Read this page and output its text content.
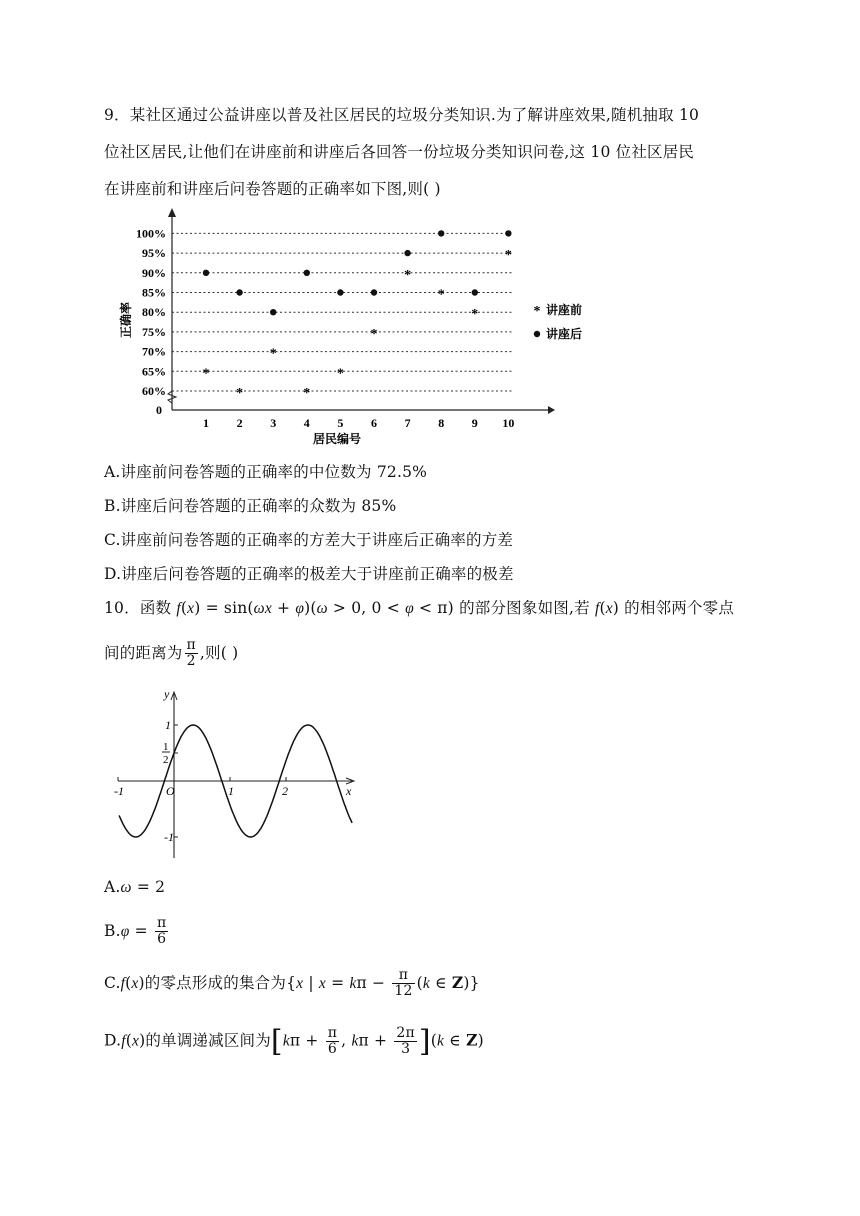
9．某社区通过公益讲座以普及社区居民的垃圾分类知识.为了解讲座效果,随机抽取 10
位社区居民,让他们在讲座前和讲座后各回答一份垃圾分类知识问卷,这 10 位社区居民
在讲座前和讲座后问卷答题的正确率如下图,则( )
0
60%
65%
70%
75%
80%
85%
90%
95%
100%
1 2 3 4 5 6 7 8 9 10
居民编号
正确率
*
*
*
*
*
*
*
*
*
*
* 讲座前
讲座后
A.讲座前问卷答题的正确率的中位数为 72.5%
B.讲座后问卷答题的正确率的众数为 85%
C.讲座前问卷答题的正确率的方差大于讲座后正确率的方差
D.讲座后问卷答题的正确率的极差大于讲座前正确率的极差
10．函数 f(x) = sin(ωx + φ)(ω > 0, 0 < φ < π) 的部分图象如图,若 f(x) 的相邻两个零点
间的距离为 $\frac{\pi}{2}$ ,则( )
-1	O	1	2	x
y
1
1
2
-1
A.ω = 2
$B.\varphi = \frac{\pi}{6}$
C.f(x)的零点形成的集合为{x | $x = k\pi - \frac{\pi}{12} (k$ ∈ Z)}
D.f(x)的单调递减区间为[$k\pi + \frac{\pi}{6}$ , $k\pi + \frac{2\pi}{3} ](k$ ∈ Z)
